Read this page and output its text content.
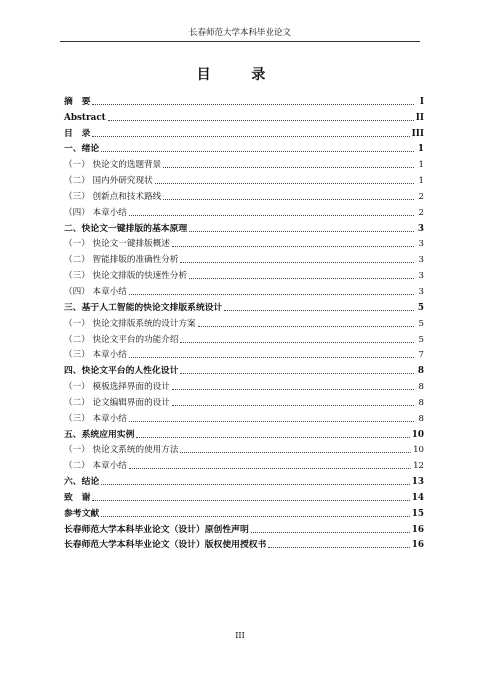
长春师范大学本科毕业论文
目 录
摘　要	I
Abstract	II
目　录	III
一、绪论	1
（一） 快论文的选题背景	1
（二） 国内外研究现状	1
（三） 创新点和技术路线	2
（四） 本章小结	2
二、快论文一键排版的基本原理	3
（一） 快论文一键排版概述	3
（二） 智能排版的准确性分析	3
（三） 快论文排版的快速性分析	3
（四） 本章小结	3
三、基于人工智能的快论文排版系统设计	5
（一） 快论文排版系统的设计方案	5
（二） 快论文平台的功能介绍	5
（三） 本章小结	7
四、快论文平台的人性化设计	8
（一） 模板选择界面的设计	8
（二） 论文编辑界面的设计	8
（三） 本章小结	8
五、系统应用实例	10
（一） 快论文系统的使用方法	10
（二） 本章小结	12
六、结论	13
致　谢	14
参考文献	15
长春师范大学本科毕业论文（设计）原创性声明	16
长春师范大学本科毕业论文（设计）版权使用授权书	16
III
